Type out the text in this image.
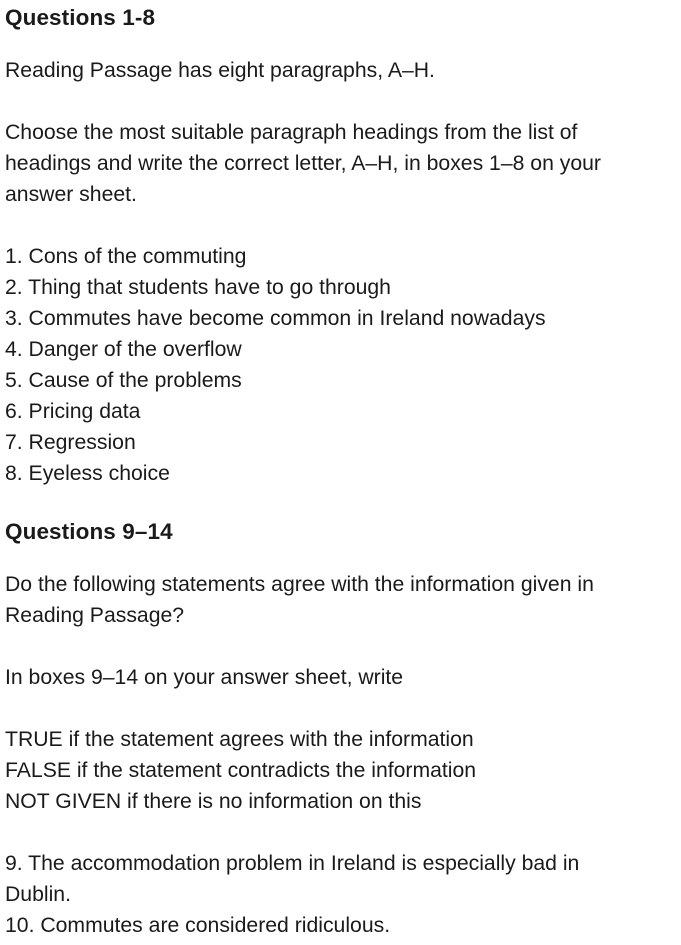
Questions 1-8

Reading Passage has eight paragraphs, A–H.

Choose the most suitable paragraph headings from the list of

headings and write the correct letter, A–H, in boxes 1–8 on your

answer sheet.

1. Cons of the commuting

2. Thing that students have to go through

3. Commutes have become common in Ireland nowadays

4. Danger of the overflow

5. Cause of the problems

6. Pricing data

7. Regression

8. Eyeless choice

Questions 9–14

Do the following statements agree with the information given in

Reading Passage?

In boxes 9–14 on your answer sheet, write

TRUE if the statement agrees with the information

FALSE if the statement contradicts the information

NOT GIVEN if there is no information on this

9. The accommodation problem in Ireland is especially bad in

Dublin.

10. Commutes are considered ridiculous.
